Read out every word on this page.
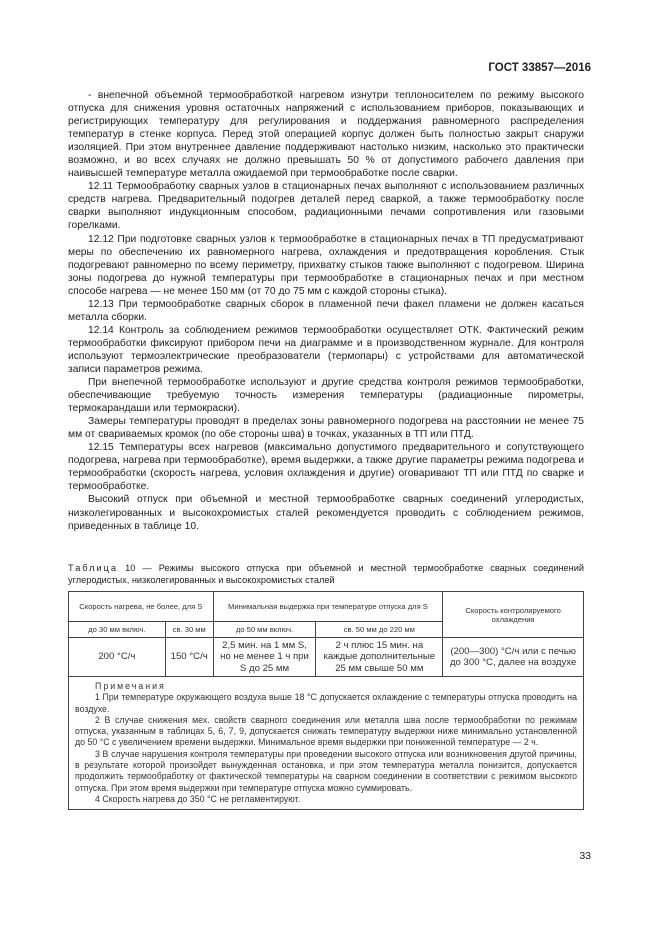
ГОСТ 33857—2016

- внепечной объемной термообработкой нагревом изнутри теплоносителем по режиму высокого отпуска для снижения уровня остаточных напряжений с использованием приборов, показывающих и регистрирующих температуру для регулирования и поддержания равномерного распределения температур в стенке корпуса. Перед этой операцией корпус должен быть полностью закрыт снаружи изоляцией. При этом внутреннее давление поддерживают настолько низким, насколько это практически возможно, и во всех случаях не должно превышать 50 % от допустимого рабочего давления при наивысшей температуре металла ожидаемой при термообработке после сварки.

12.11 Термообработку сварных узлов в стационарных печах выполняют с использованием различных средств нагрева. Предварительный подогрев деталей перед сваркой, а также термообработку после сварки выполняют индукционным способом, радиационными печами сопротивления или газовыми горелками.

12.12 При подготовке сварных узлов к термообработке в стационарных печах в ТП предусматривают меры по обеспечению их равномерного нагрева, охлаждения и предотвращения коробления. Стык подогревают равномерно по всему периметру, прихватку стыков также выполняют с подогревом. Ширина зоны подогрева до нужной температуры при термообработке в стационарных печах и при местном способе нагрева — не менее 150 мм (от 70 до 75 мм с каждой стороны стыка).

12.13 При термообработке сварных сборок в пламенной печи факел пламени не должен касаться металла сборки.

12.14 Контроль за соблюдением режимов термообработки осуществляет ОТК. Фактический режим термообработки фиксируют прибором печи на диаграмме и в производственном журнале. Для контроля используют термоэлектрические преобразователи (термопары) с устройствами для автоматической записи параметров режима.

При внепечной термообработке используют и другие средства контроля режимов термообработки, обеспечивающие требуемую точность измерения температуры (радиационные пирометры, термокарандаши или термокраски).

Замеры температуры проводят в пределах зоны равномерного подогрева на расстоянии не менее 75 мм от свариваемых кромок (по обе стороны шва) в точках, указанных в ТП или ПТД.

12.15 Температуры всех нагревов (максимально допустимого предварительного и сопутствующего подогрева, нагрева при термообработке), время выдержки, а также другие параметры режима подогрева и термообработки (скорость нагрева, условия охлаждения и другие) оговаривают ТП или ПТД по сварке и термообработке.

Высокий отпуск при объемной и местной термообработке сварных соединений углеродистых, низколегированных и высокохромистых сталей рекомендуется проводить с соблюдением режимов, приведенных в таблице 10.

Таблица 10 — Режимы высокого отпуска при объемной и местной термообработке сварных соединений углеродистых, низколегированных и высокохромистых сталей
Скорость нагрева, не более, для S		Минимальная выдержка при температуре отпуска для S		Скорость контролируемого охлаждения
до 30 мм включ.	св. 30 мм	до 50 мм включ.	св. 50 мм до 220 мм	
200 °С/ч	150 °С/ч	2,5 мин. на 1 мм S, но не менее 1 ч при S до 25 мм	2 ч плюс 15 мин. на каждые дополнительные 25 мм свыше 50 мм	(200—300) °С/ч или с печью до 300 °С, далее на воздухе

Примечания
1 При температуре окружающего воздуха выше 18 °С допускается охлаждение с температуры отпуска проводить на воздухе.
2 В случае снижения мех. свойств сварного соединения или металла шва после термообработки по режимам отпуска, указанным в таблицах 5, 6, 7, 9, допускается снижать температуру выдержки ниже минимально установленной до 50 °С с увеличением времени выдержки. Минимальное время выдержки при пониженной температуре — 2 ч.
3 В случае нарушения контроля температуры при проведении высокого отпуска или возникновения другой причины, в результате которой произойдет вынужденная остановка, и при этом температура металла понизится, допускается продолжить термообработку от фактической температуры на сварном соединении в соответствии с режимом высокого отпуска. При этом время выдержки при температуре отпуска можно суммировать.
4 Скорость нагрева до 350 °С не регламентируют.				
33
